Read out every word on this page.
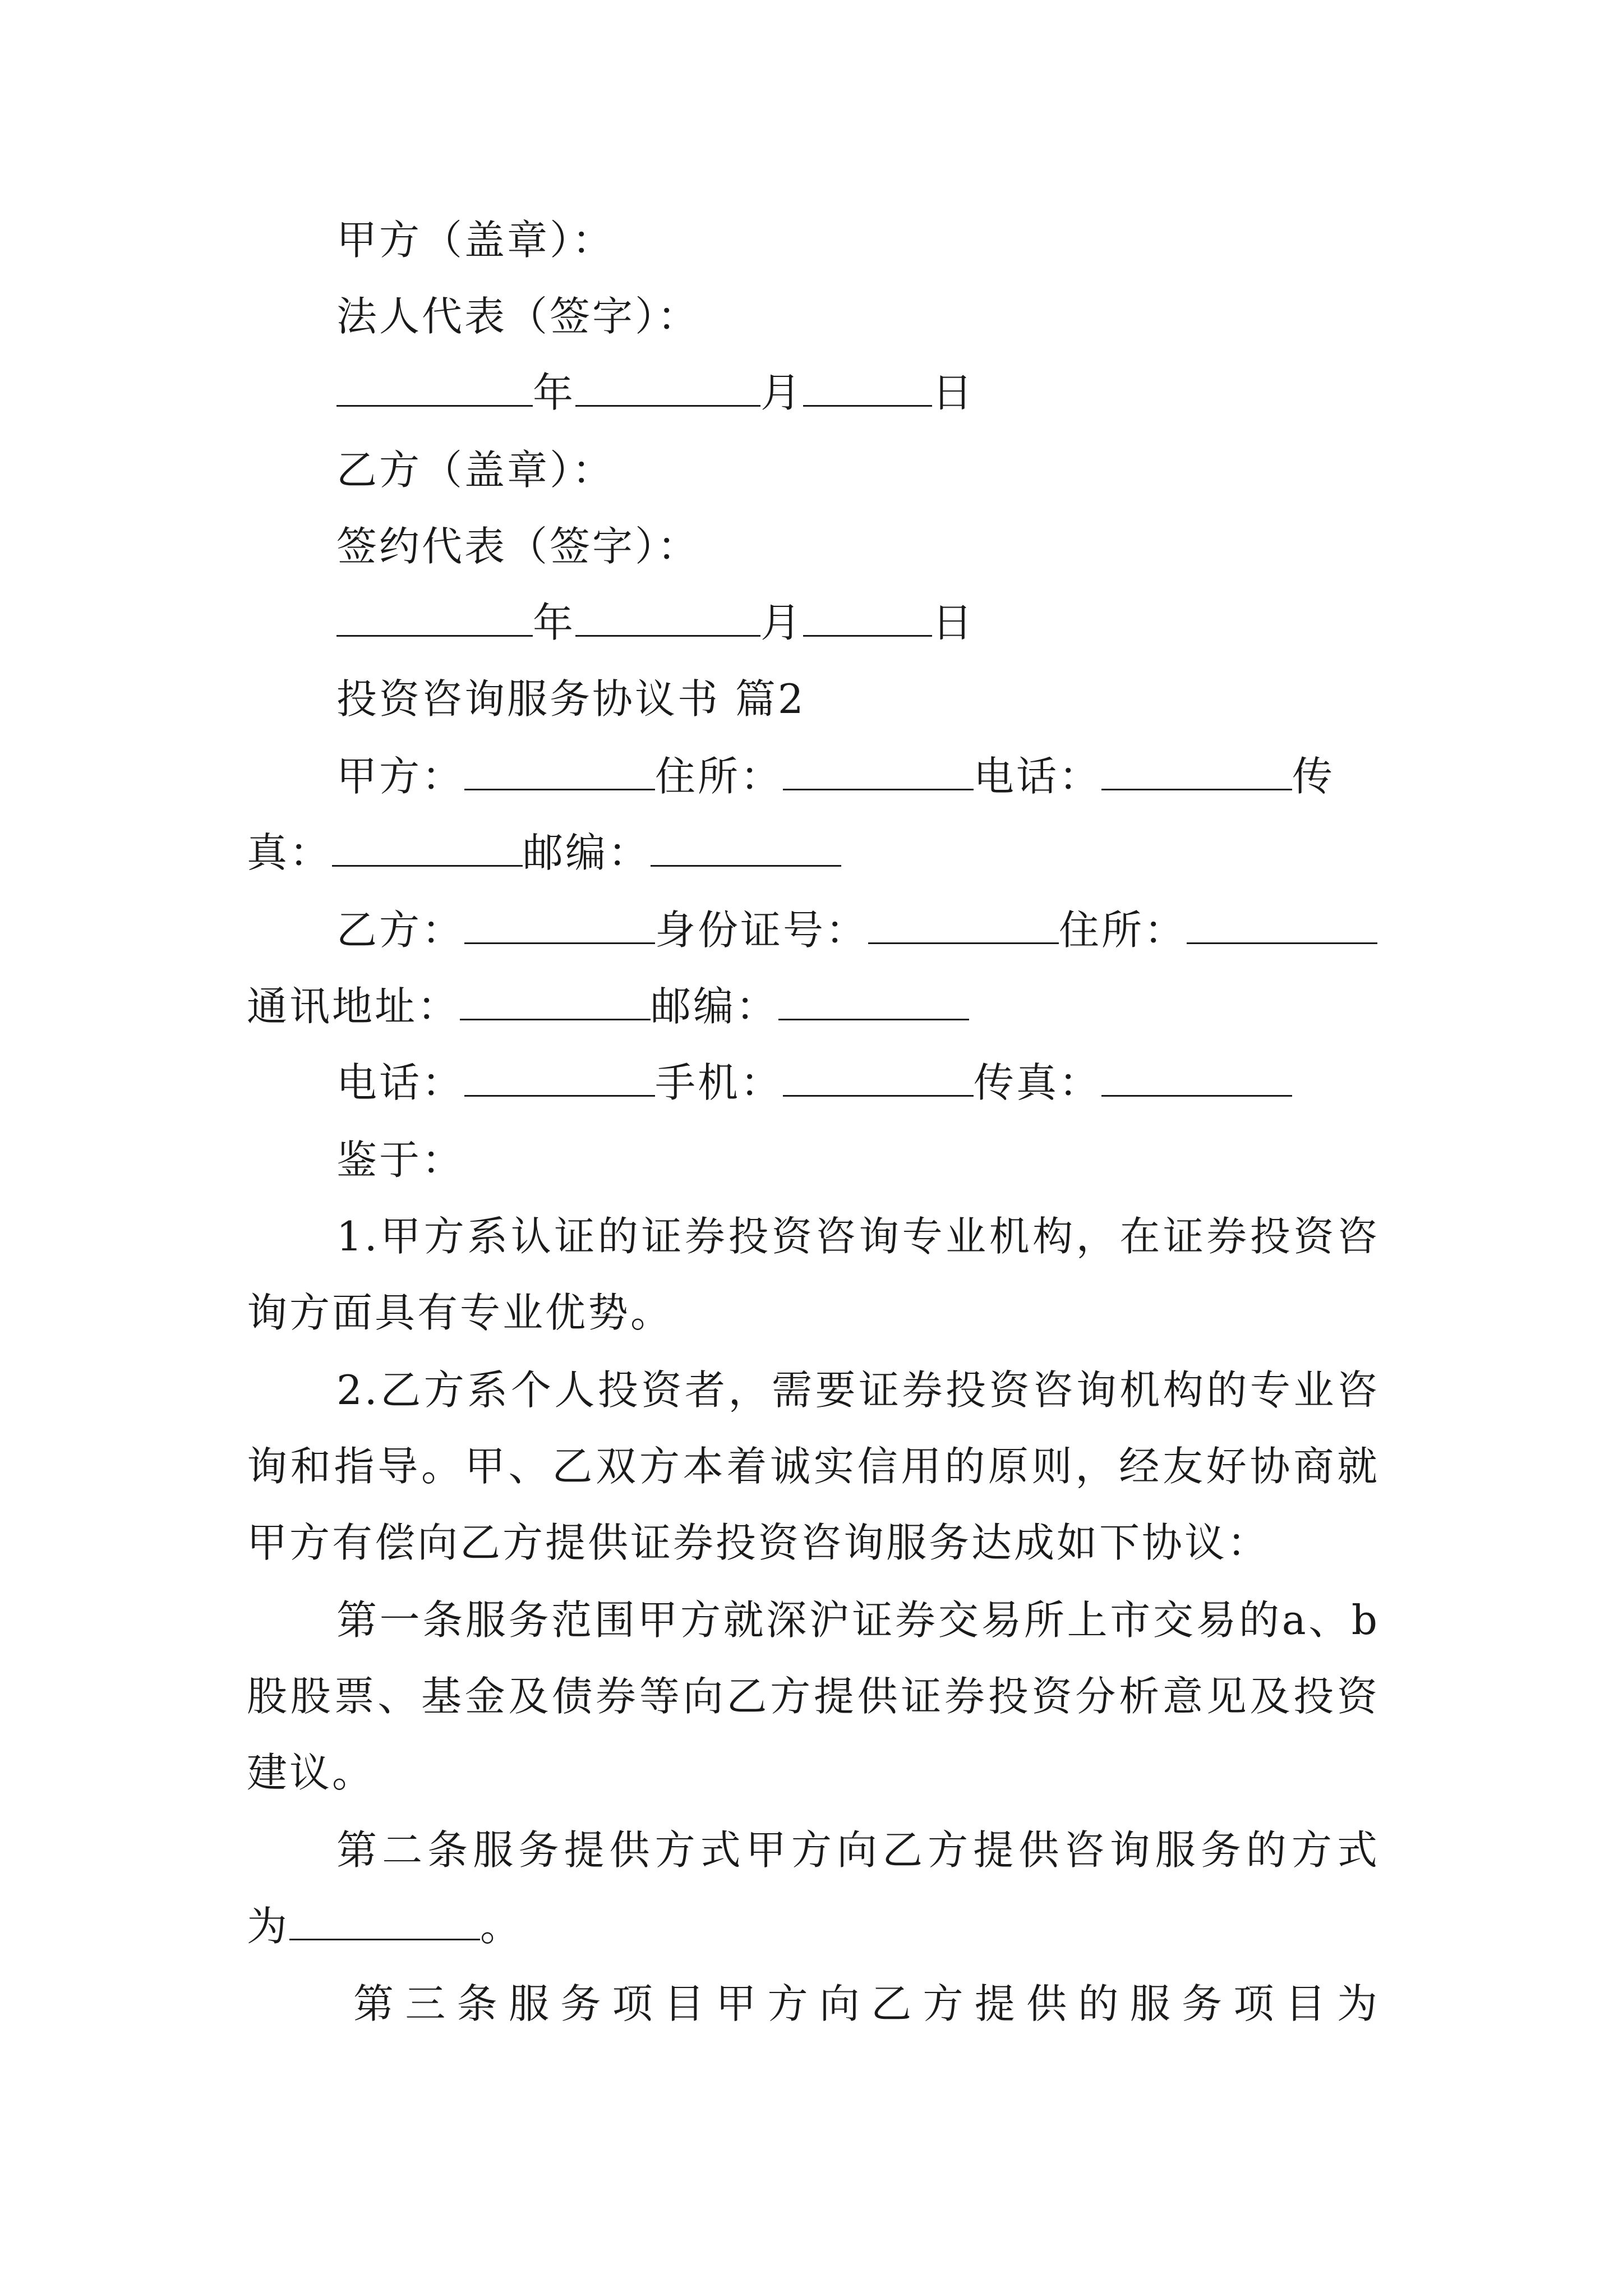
甲方（盖章）：
法人代表（签字）：
年	月	日
乙方（盖章）：
签约代表（签字）：
年	月	日
投资咨询服务协议书 篇2
甲方：	住所：	电话：	传
真：	邮编：
乙方：	身份证号：	住所：
通讯地址：	邮编：
电话：	手机：	传真：
鉴于：
1.甲方系认证的证券投资咨询专业机构，在证券投资咨
询方面具有专业优势。
2.乙方系个人投资者，需要证券投资咨询机构的专业咨
询和指导。甲、乙双方本着诚实信用的原则，经友好协商就
甲方有偿向乙方提供证券投资咨询服务达成如下协议：
第一条服务范围甲方就深沪证券交易所上市交易的a、b
股股票、基金及债券等向乙方提供证券投资分析意见及投资
建议。
第二条服务提供方式甲方向乙方提供咨询服务的方式
为	。
第三条服务项目甲方向乙方提供的服务项目为
